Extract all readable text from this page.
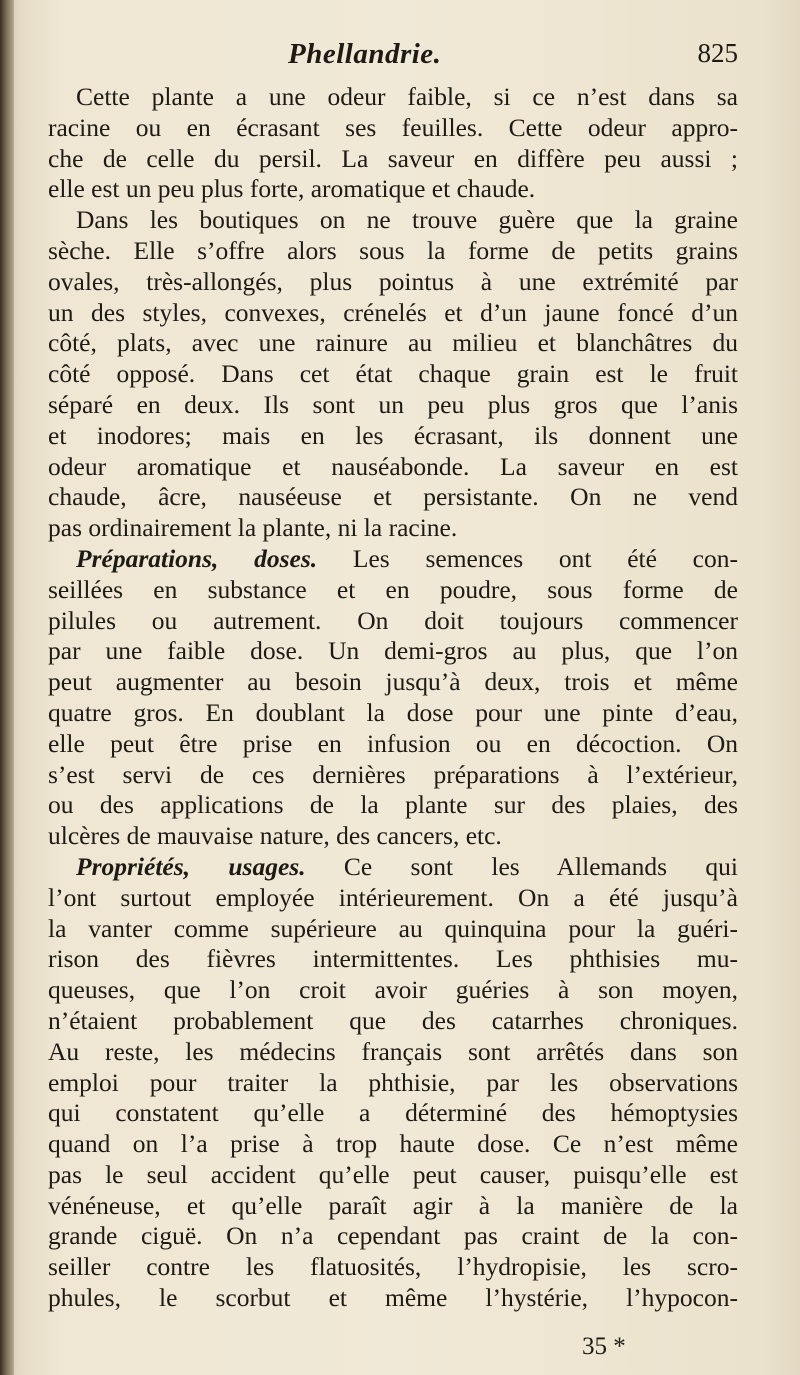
Phellandrie.	825
Cette plante a une odeur faible, si ce n’est dans sa
racine ou en écrasant ses feuilles. Cette odeur appro-
che de celle du persil. La saveur en diffère peu aussi ;
elle est un peu plus forte, aromatique et chaude.
Dans les boutiques on ne trouve guère que la graine
sèche. Elle s’offre alors sous la forme de petits grains
ovales, très-allongés, plus pointus à une extrémité par
un des styles, convexes, crénelés et d’un jaune foncé d’un
côté, plats, avec une rainure au milieu et blanchâtres du
côté opposé. Dans cet état chaque grain est le fruit
séparé en deux. Ils sont un peu plus gros que l’anis
et inodores; mais en les écrasant, ils donnent une
odeur aromatique et nauséabonde. La saveur en est
chaude, âcre, nauséeuse et persistante. On ne vend
pas ordinairement la plante, ni la racine.
Préparations, doses. Les semences ont été con-
seillées en substance et en poudre, sous forme de
pilules ou autrement. On doit toujours commencer
par une faible dose. Un demi-gros au plus, que l’on
peut augmenter au besoin jusqu’à deux, trois et même
quatre gros. En doublant la dose pour une pinte d’eau,
elle peut être prise en infusion ou en décoction. On
s’est servi de ces dernières préparations à l’extérieur,
ou des applications de la plante sur des plaies, des
ulcères de mauvaise nature, des cancers, etc.
Propriétés, usages. Ce sont les Allemands qui
l’ont surtout employée intérieurement. On a été jusqu’à
la vanter comme supérieure au quinquina pour la guéri-
rison des fièvres intermittentes. Les phthisies mu-
queuses, que l’on croit avoir guéries à son moyen,
n’étaient probablement que des catarrhes chroniques.
Au reste, les médecins français sont arrêtés dans son
emploi pour traiter la phthisie, par les observations
qui constatent qu’elle a déterminé des hémoptysies
quand on l’a prise à trop haute dose. Ce n’est même
pas le seul accident qu’elle peut causer, puisqu’elle est
vénéneuse, et qu’elle paraît agir à la manière de la
grande ciguë. On n’a cependant pas craint de la con-
seiller contre les flatuosités, l’hydropisie, les scro-
phules, le scorbut et même l’hystérie, l’hypocon-
35 *
